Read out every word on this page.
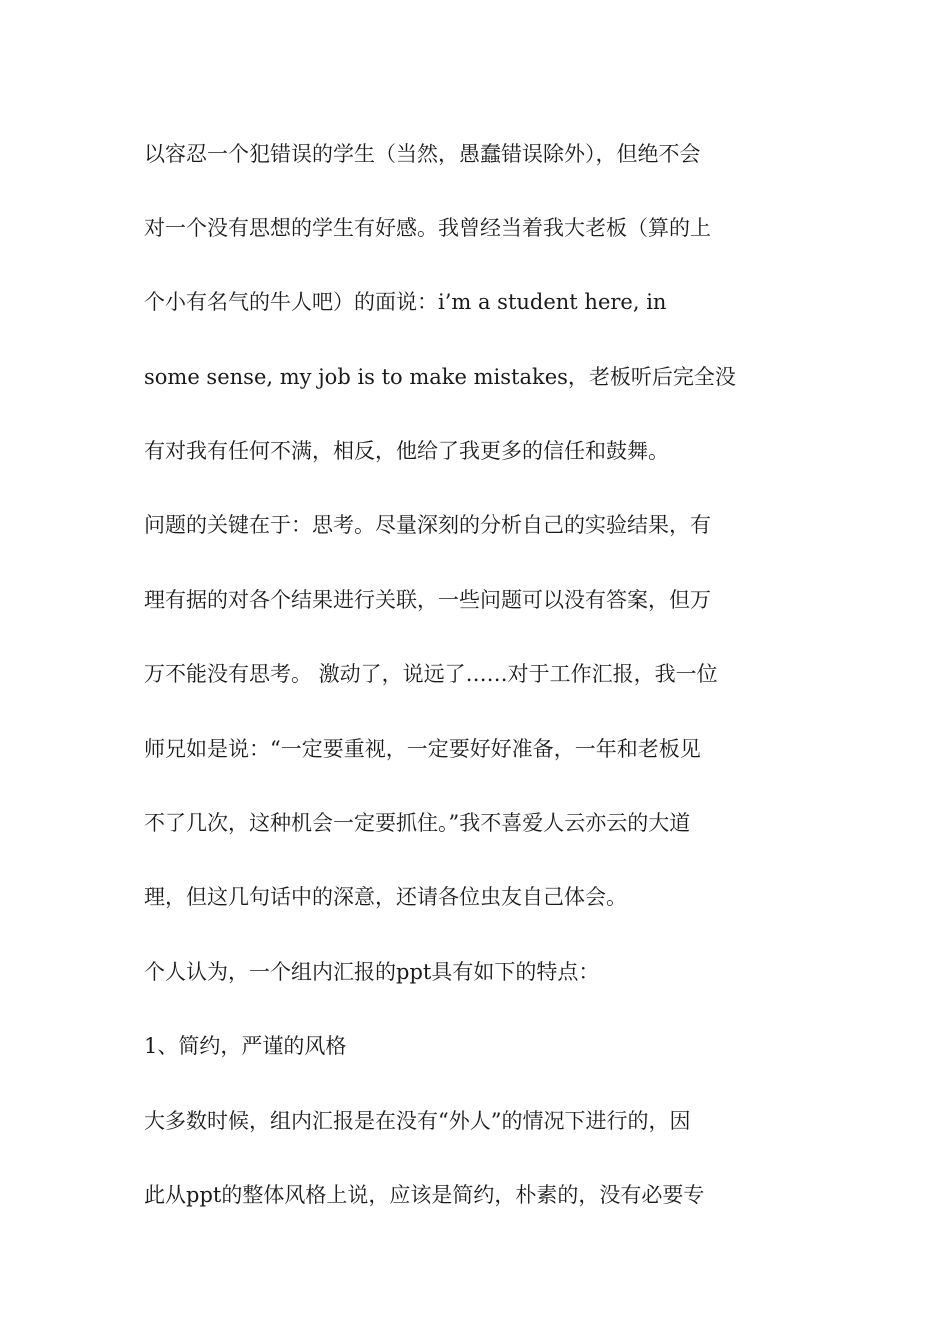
以容忍一个犯错误的学生（当然，愚蠢错误除外），但绝不会
对一个没有思想的学生有好感。我曾经当着我大老板（算的上
个小有名气的牛人吧）的面说：i’m a student here, in
some sense, my job is to make mistakes，老板听后完全没
有对我有任何不满，相反，他给了我更多的信任和鼓舞。
问题的关键在于：思考。尽量深刻的分析自己的实验结果，有
理有据的对各个结果进行关联，一些问题可以没有答案，但万
万不能没有思考。 激动了，说远了……对于工作汇报，我一位
师兄如是说：“一定要重视，一定要好好准备，一年和老板见
不了几次，这种机会一定要抓住。”我不喜爱人云亦云的大道
理，但这几句话中的深意，还请各位虫友自己体会。
个人认为，一个组内汇报的ppt具有如下的特点：
1、简约，严谨的风格
大多数时候，组内汇报是在没有“外人”的情况下进行的，因
此从ppt的整体风格上说，应该是简约，朴素的，没有必要专
